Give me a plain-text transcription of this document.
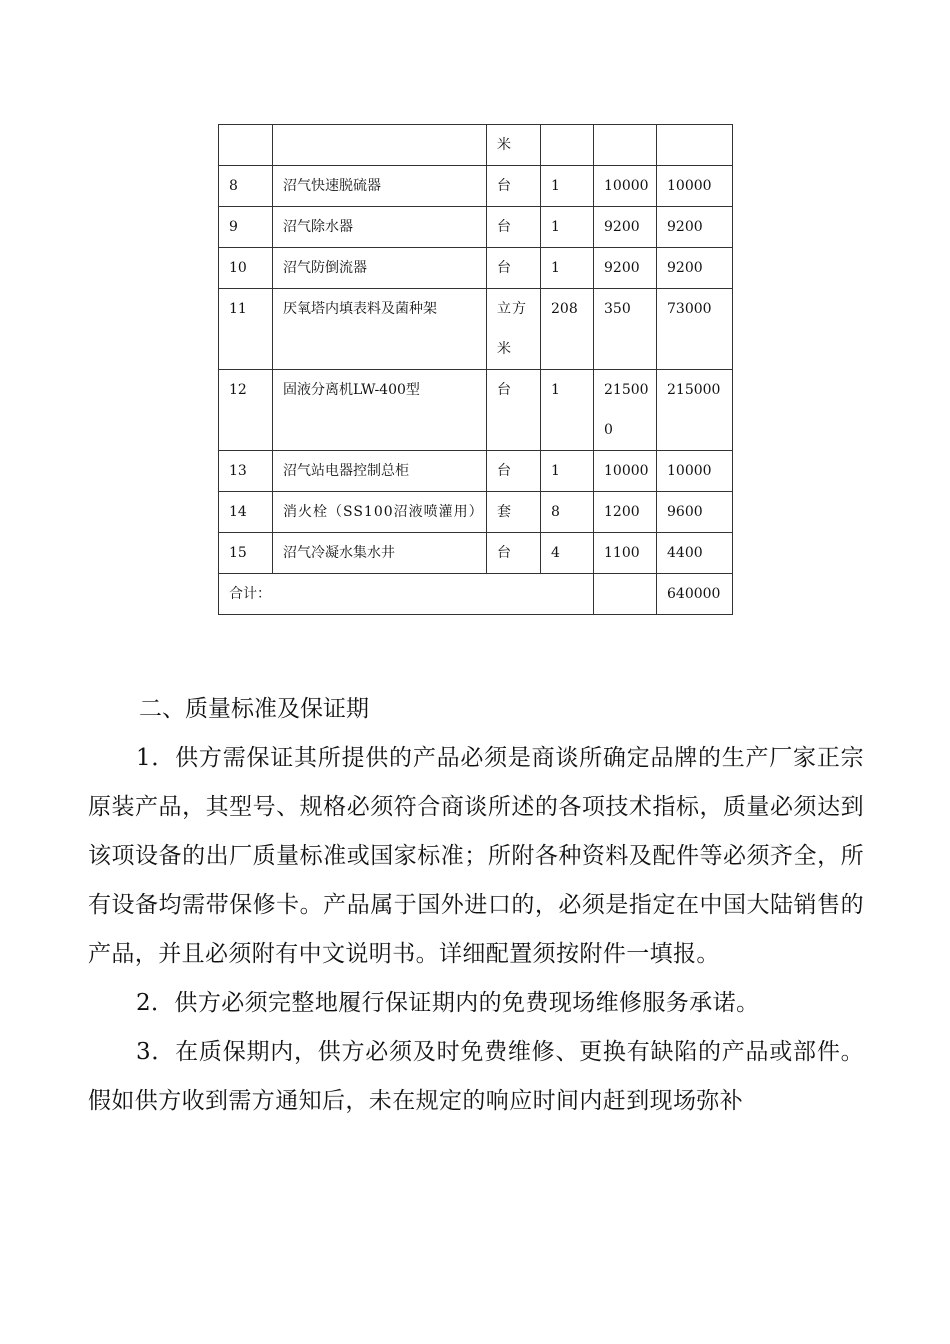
		米			
8	沼气快速脱硫器	台	1	10000	10000
9	沼气除水器	台	1	9200	9200
10	沼气防倒流器	台	1	9200	9200
11	厌氧塔内填表料及菌种架	立方米	208	350	73000
12	固液分离机LW-400型	台	1	215000	215000
13	沼气站电器控制总柜	台	1	10000	10000
14	消火栓（SS100沼液喷灌用）	套	8	1200	9600
15	沼气冷凝水集水井	台	4	1100	4400
合计：					640000
二、质量标准及保证期

1．供方需保证其所提供的产品必须是商谈所确定品牌的生产厂家正宗原装产品，其型号、规格必须符合商谈所述的各项技术指标，质量必须达到该项设备的出厂质量标准或国家标准；所附各种资料及配件等必须齐全，所有设备均需带保修卡。产品属于国外进口的，必须是指定在中国大陆销售的产品，并且必须附有中文说明书。详细配置须按附件一填报。

2．供方必须完整地履行保证期内的免费现场维修服务承诺。

3．在质保期内，供方必须及时免费维修、更换有缺陷的产品或部件。假如供方收到需方通知后，未在规定的响应时间内赶到现场弥补
